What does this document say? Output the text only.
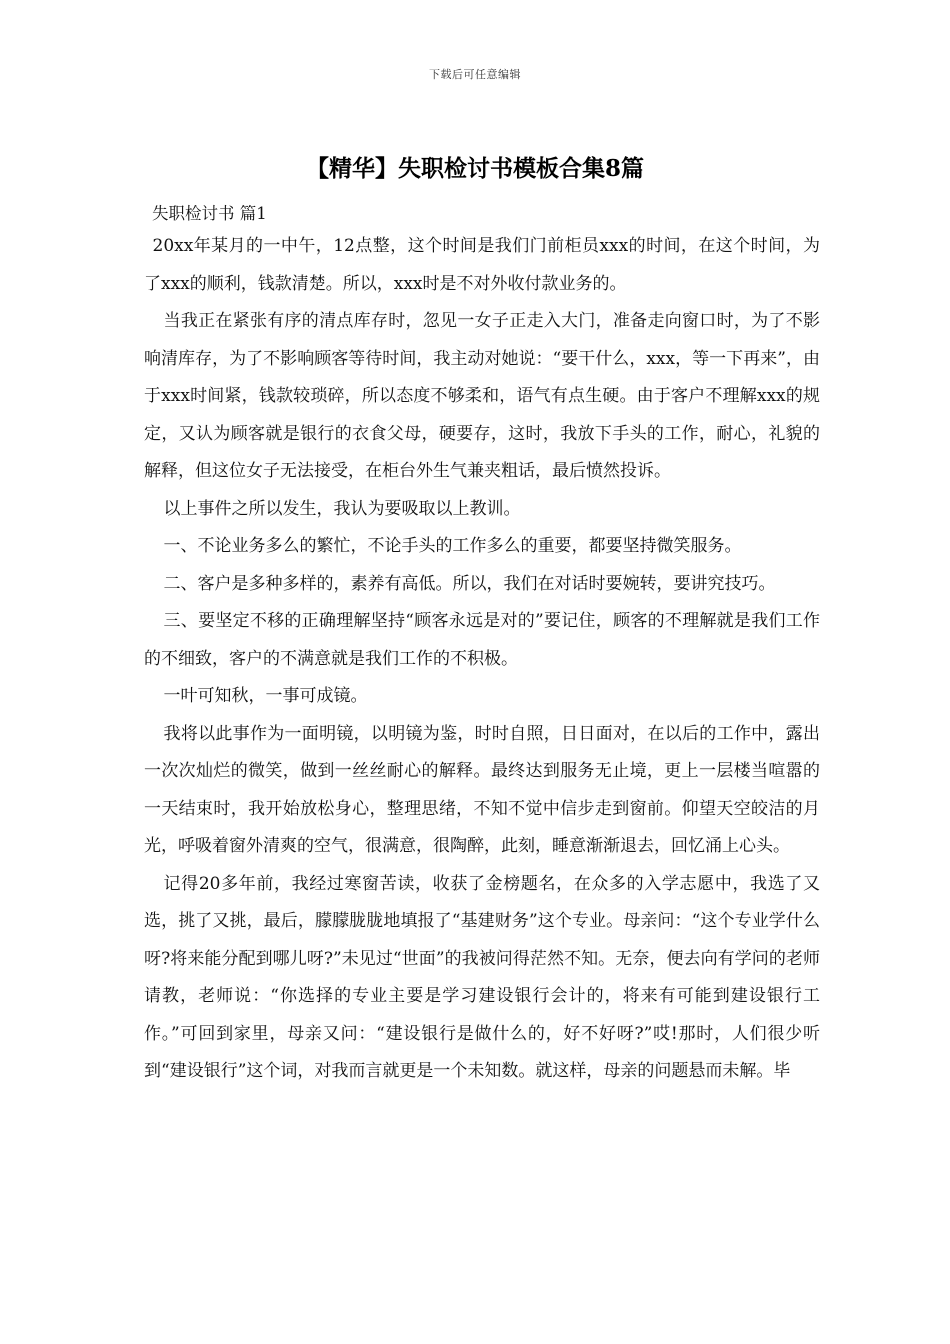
下载后可任意编辑
【精华】失职检讨书模板合集8篇
失职检讨书 篇1

20xx年某月的一中午，12点整，这个时间是我们门前柜员xxx的时间，在这个时间，为了xxx的顺利，钱款清楚。所以，xxx时是不对外收付款业务的。

当我正在紧张有序的清点库存时，忽见一女子正走入大门，准备走向窗口时，为了不影响清库存，为了不影响顾客等待时间，我主动对她说：“要干什么，xxx，等一下再来”，由于xxx时间紧，钱款较琐碎，所以态度不够柔和，语气有点生硬。由于客户不理解xxx的规定，又认为顾客就是银行的衣食父母，硬要存，这时，我放下手头的工作，耐心，礼貌的解释，但这位女子无法接受，在柜台外生气兼夹粗话，最后愤然投诉。

以上事件之所以发生，我认为要吸取以上教训。

一、不论业务多么的繁忙，不论手头的工作多么的重要，都要坚持微笑服务。

二、客户是多种多样的，素养有高低。所以，我们在对话时要婉转，要讲究技巧。

三、要坚定不移的正确理解坚持“顾客永远是对的”要记住，顾客的不理解就是我们工作的不细致，客户的不满意就是我们工作的不积极。

一叶可知秋，一事可成镜。

我将以此事作为一面明镜，以明镜为鉴，时时自照，日日面对，在以后的工作中，露出一次次灿烂的微笑，做到一丝丝耐心的解释。最终达到服务无止境，更上一层楼当喧嚣的一天结束时，我开始放松身心，整理思绪，不知不觉中信步走到窗前。仰望天空皎洁的月光，呼吸着窗外清爽的空气，很满意，很陶醉，此刻，睡意渐渐退去，回忆涌上心头。

记得20多年前，我经过寒窗苦读，收获了金榜题名，在众多的入学志愿中，我选了又选，挑了又挑，最后，朦朦胧胧地填报了“基建财务”这个专业。母亲问：“这个专业学什么呀?将来能分配到哪儿呀?”未见过“世面”的我被问得茫然不知。无奈，便去向有学问的老师请教，老师说：“你选择的专业主要是学习建设银行会计的，将来有可能到建设银行工作。”可回到家里，母亲又问：“建设银行是做什么的，好不好呀?”哎!那时，人们很少听到“建设银行”这个词，对我而言就更是一个未知数。就这样，母亲的问题悬而未解。毕
